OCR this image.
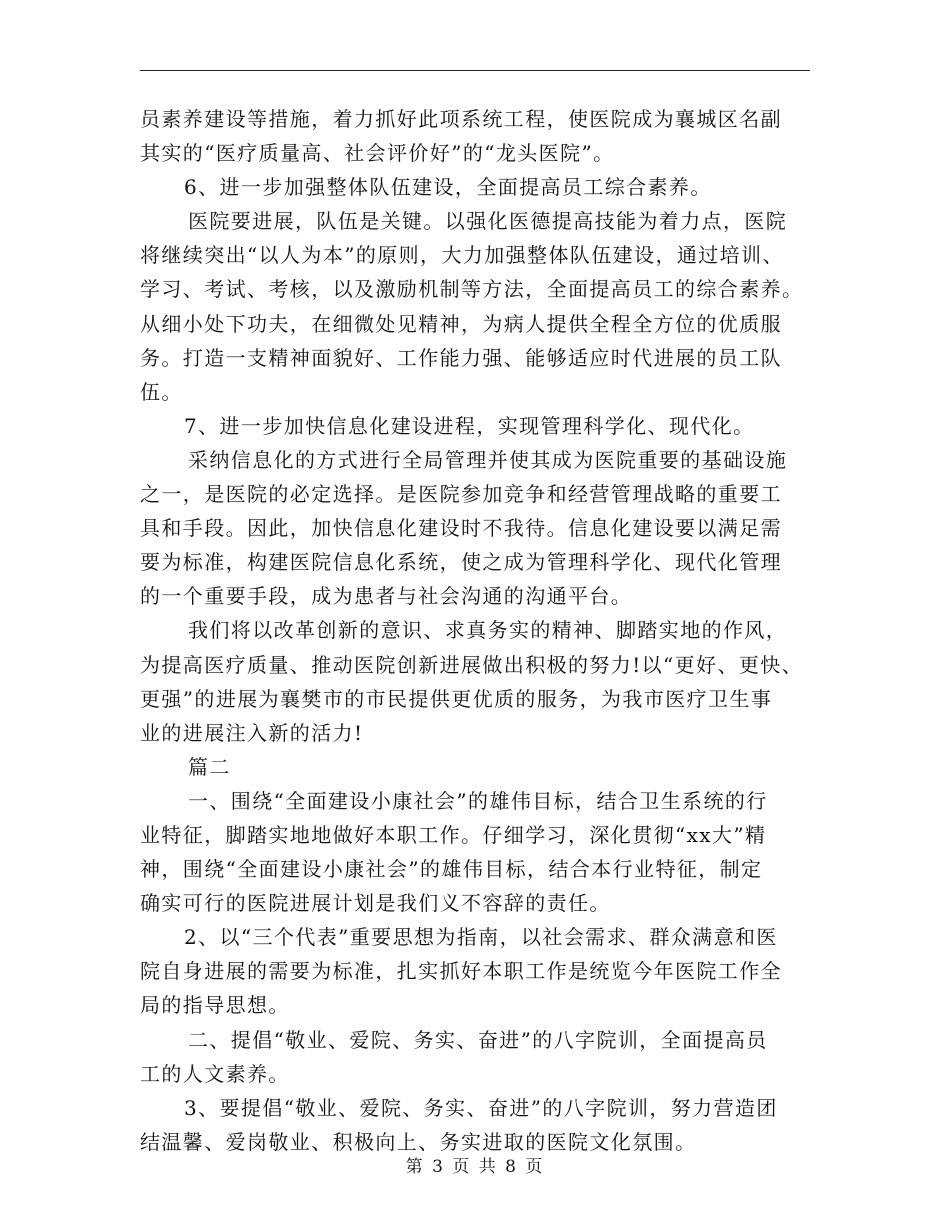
员素养建设等措施，着力抓好此项系统工程，使医院成为襄城区名副
其实的“医疗质量高、社会评价好”的“龙头医院”。
6、进一步加强整体队伍建设，全面提高员工综合素养。
医院要进展，队伍是关键。以强化医德提高技能为着力点，医院
将继续突出“以人为本”的原则，大力加强整体队伍建设，通过培训、
学习、考试、考核，以及激励机制等方法，全面提高员工的综合素养。
从细小处下功夫，在细微处见精神，为病人提供全程全方位的优质服
务。打造一支精神面貌好、工作能力强、能够适应时代进展的员工队
伍。
7、进一步加快信息化建设进程，实现管理科学化、现代化。
采纳信息化的方式进行全局管理并使其成为医院重要的基础设施
之一，是医院的必定选择。是医院参加竞争和经营管理战略的重要工
具和手段。因此，加快信息化建设时不我待。信息化建设要以满足需
要为标准，构建医院信息化系统，使之成为管理科学化、现代化管理
的一个重要手段，成为患者与社会沟通的沟通平台。
我们将以改革创新的意识、求真务实的精神、脚踏实地的作风，
为提高医疗质量、推动医院创新进展做出积极的努力!以“更好、更快、
更强”的进展为襄樊市的市民提供更优质的服务，为我市医疗卫生事
业的进展注入新的活力!
篇二
一、围绕“全面建设小康社会”的雄伟目标，结合卫生系统的行
业特征，脚踏实地地做好本职工作。仔细学习，深化贯彻“xx大”精
神，围绕“全面建设小康社会”的雄伟目标，结合本行业特征，制定
确实可行的医院进展计划是我们义不容辞的责任。
2、以“三个代表”重要思想为指南，以社会需求、群众满意和医
院自身进展的需要为标准，扎实抓好本职工作是统览今年医院工作全
局的指导思想。
二、提倡“敬业、爱院、务实、奋进”的八字院训，全面提高员
工的人文素养。
3、要提倡“敬业、爱院、务实、奋进”的八字院训，努力营造团
结温馨、爱岗敬业、积极向上、务实进取的医院文化氛围。
第 3 页 共 8 页
